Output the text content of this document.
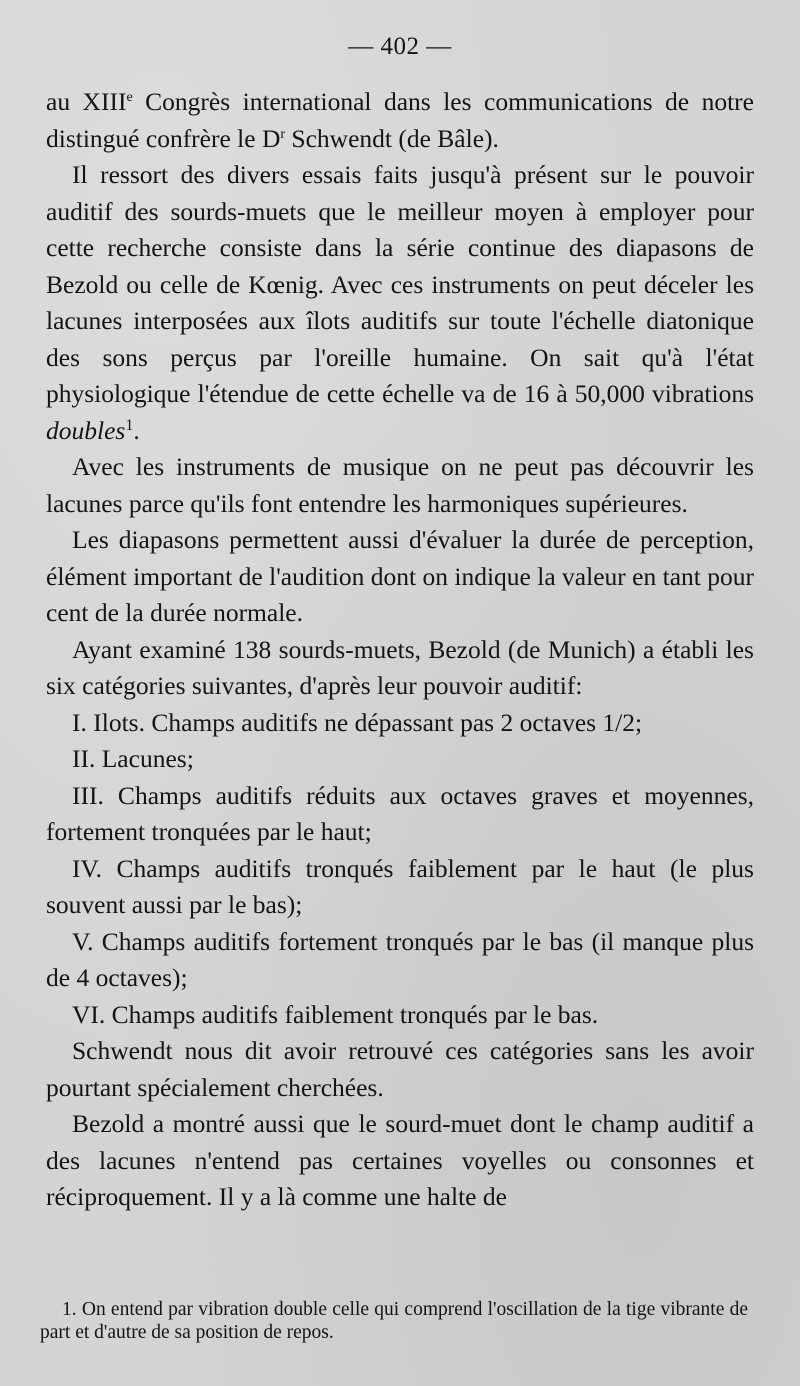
— 402 —

au XIIIe Congrès international dans les communications de notre distingué confrère le $D^r$ Schwendt (de Bâle).

Il ressort des divers essais faits jusqu'à présent sur le pouvoir auditif des sourds-muets que le meilleur moyen à employer pour cette recherche consiste dans la série continue des diapasons de Bezold ou celle de Kœnig. Avec ces instruments on peut déceler les lacunes interposées aux îlots auditifs sur toute l'échelle diatonique des sons perçus par l'oreille humaine. On sait qu'à l'état physiologique l'étendue de cette échelle va de 16 à 50,000 vibrations doubles$^1$.

Avec les instruments de musique on ne peut pas découvrir les lacunes parce qu'ils font entendre les harmoniques supérieures.

Les diapasons permettent aussi d'évaluer la durée de perception, élément important de l'audition dont on indique la valeur en tant pour cent de la durée normale.

Ayant examiné 138 sourds-muets, Bezold (de Munich) a établi les six catégories suivantes, d'après leur pouvoir auditif:

I. Ilots. Champs auditifs ne dépassant pas 2 octaves 1/2;

II. Lacunes;

III. Champs auditifs réduits aux octaves graves et moyennes, fortement tronquées par le haut;

IV. Champs auditifs tronqués faiblement par le haut (le plus souvent aussi par le bas);

V. Champs auditifs fortement tronqués par le bas (il manque plus de 4 octaves);

VI. Champs auditifs faiblement tronqués par le bas.

Schwendt nous dit avoir retrouvé ces catégories sans les avoir pourtant spécialement cherchées.

Bezold a montré aussi que le sourd-muet dont le champ auditif a des lacunes n'entend pas certaines voyelles ou consonnes et réciproquement. Il y a là comme une halte de

1. On entend par vibration double celle qui comprend l'oscillation de la tige vibrante de part et d'autre de sa position de repos.
